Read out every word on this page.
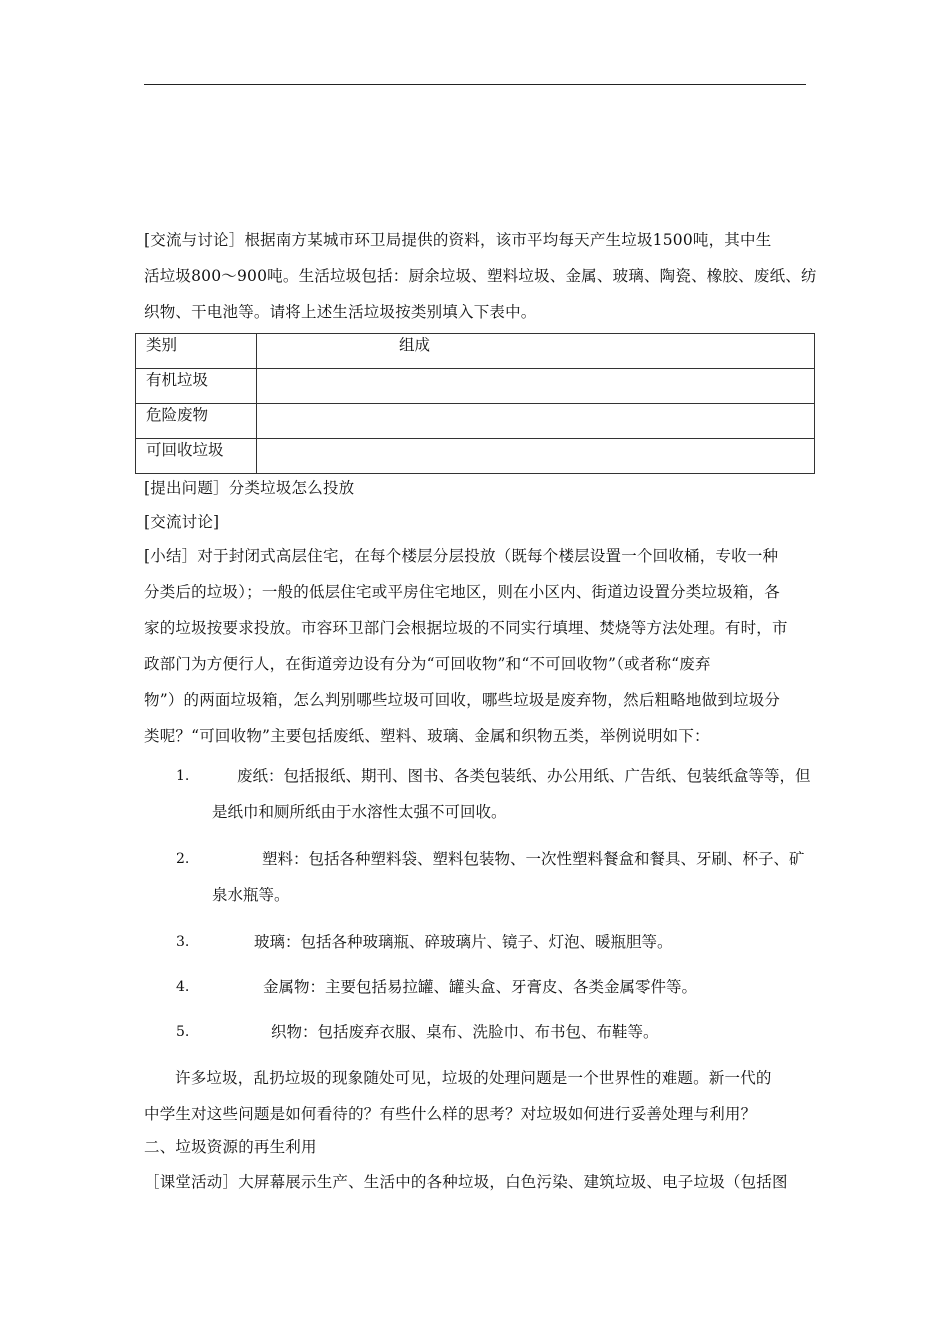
[交流与讨论］根据南方某城市环卫局提供的资料，该市平均每天产生垃圾1500吨，其中生
活垃圾800～900吨。生活垃圾包括：厨余垃圾、塑料垃圾、金属、玻璃、陶瓷、橡胶、废纸、纺
织物、干电池等。请将上述生活垃圾按类别填入下表中。
类别	组成
有机垃圾	
危险废物	
可回收垃圾	
[提出问题］分类垃圾怎么投放
[交流讨论]
[小结］对于封闭式高层住宅，在每个楼层分层投放（既每个楼层设置一个回收桶，专收一种
分类后的垃圾）；一般的低层住宅或平房住宅地区，则在小区内、街道边设置分类垃圾箱，各
家的垃圾按要求投放。市容环卫部门会根据垃圾的不同实行填埋、焚烧等方法处理。有时，市
政部门为方便行人，在街道旁边设有分为“可回收物”和“不可回收物”（或者称“废弃
物”）的两面垃圾箱，怎么判别哪些垃圾可回收，哪些垃圾是废弃物，然后粗略地做到垃圾分
类呢？“可回收物”主要包括废纸、塑料、玻璃、金属和织物五类，举例说明如下：
1.	废纸：包括报纸、期刊、图书、各类包装纸、办公用纸、广告纸、包装纸盒等等，但
是纸巾和厕所纸由于水溶性太强不可回收。
2.	塑料：包括各种塑料袋、塑料包装物、一次性塑料餐盒和餐具、牙刷、杯子、矿
泉水瓶等。
3.	玻璃：包括各种玻璃瓶、碎玻璃片、镜子、灯泡、暖瓶胆等。
4.	金属物：主要包括易拉罐、罐头盒、牙膏皮、各类金属零件等。
5.	织物：包括废弃衣服、桌布、洗脸巾、布书包、布鞋等。
许多垃圾，乱扔垃圾的现象随处可见，垃圾的处理问题是一个世界性的难题。新一代的
中学生对这些问题是如何看待的？有些什么样的思考？对垃圾如何进行妥善处理与利用？
二、垃圾资源的再生利用
［课堂活动］大屏幕展示生产、生活中的各种垃圾，白色污染、建筑垃圾、电子垃圾（包括图
